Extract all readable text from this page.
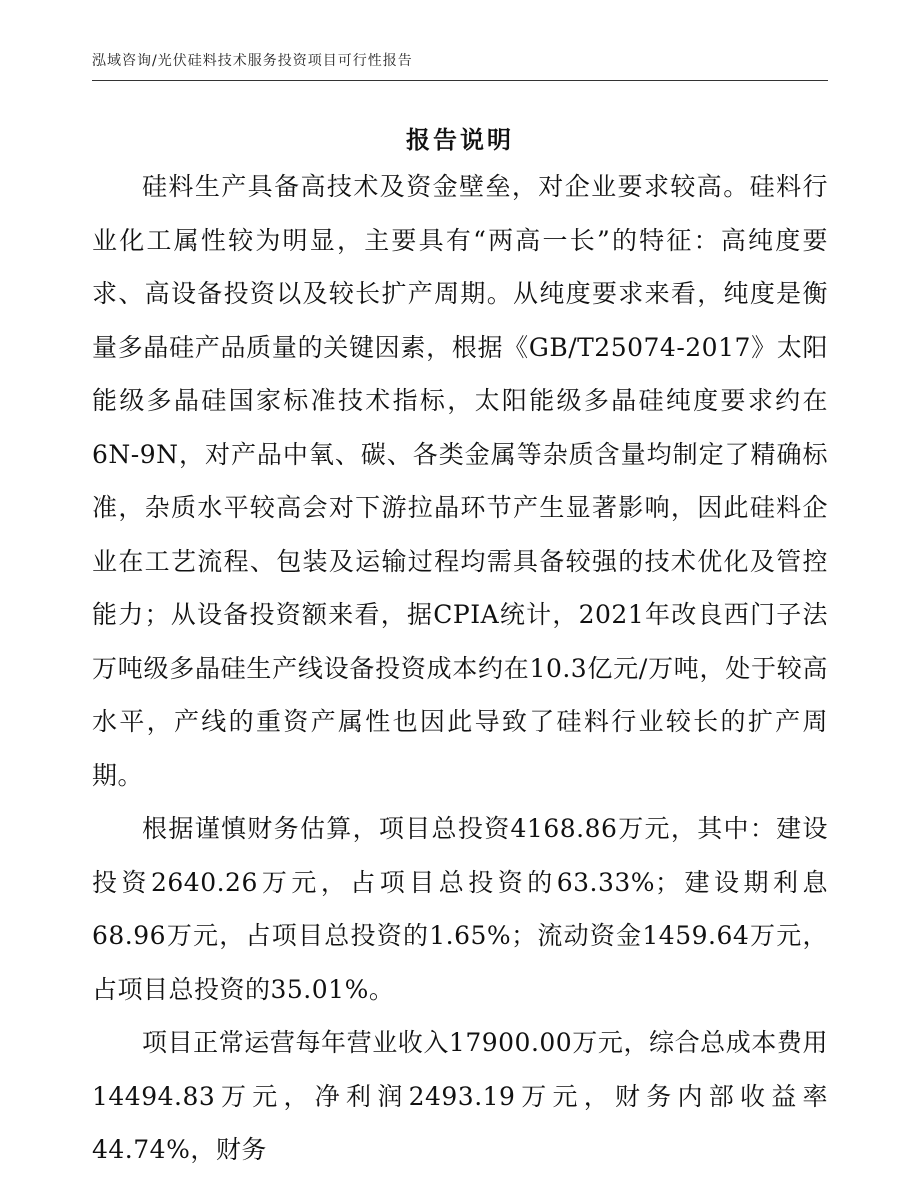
泓域咨询/光伏硅料技术服务投资项目可行性报告
报告说明

硅料生产具备高技术及资金壁垒，对企业要求较高。硅料行业化工属性较为明显，主要具有“两高一长”的特征：高纯度要求、高设备投资以及较长扩产周期。从纯度要求来看，纯度是衡量多晶硅产品质量的关键因素，根据《GB/T25074-2017》太阳能级多晶硅国家标准技术指标，太阳能级多晶硅纯度要求约在6N-9N，对产品中氧、碳、各类金属等杂质含量均制定了精确标准，杂质水平较高会对下游拉晶环节产生显著影响，因此硅料企业在工艺流程、包装及运输过程均需具备较强的技术优化及管控能力；从设备投资额来看，据CPIA统计，2021年改良西门子法万吨级多晶硅生产线设备投资成本约在10.3亿元/万吨，处于较高水平，产线的重资产属性也因此导致了硅料行业较长的扩产周期。

根据谨慎财务估算，项目总投资4168.86万元，其中：建设投资2640.26万元，占项目总投资的63.33%；建设期利息68.96万元，占项目总投资的1.65%；流动资金1459.64万元，占项目总投资的35.01%。

项目正常运营每年营业收入17900.00万元，综合总成本费用14494.83万元，净利润2493.19万元，财务内部收益率44.74%，财务
